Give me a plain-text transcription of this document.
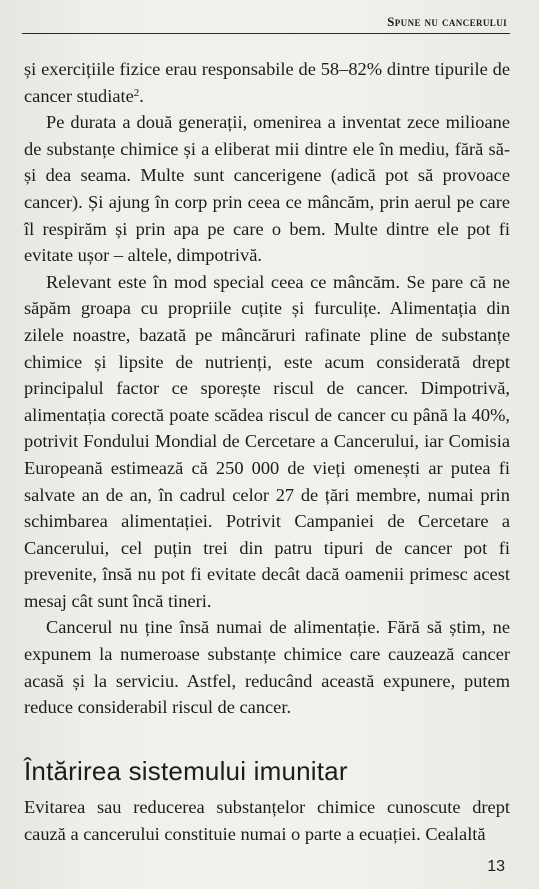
Spune nu cancerului

și exercițiile fizice erau responsabile de 58–82% dintre tipurile de cancer studiate$^2$.

Pe durata a două generații, omenirea a inventat zece milioane de substanțe chimice și a eliberat mii dintre ele în mediu, fără să-și dea seama. Multe sunt cancerigene (adică pot să provoace cancer). Și ajung în corp prin ceea ce mâncăm, prin aerul pe care îl respirăm și prin apa pe care o bem. Multe dintre ele pot fi evitate ușor – altele, dimpotrivă.

Relevant este în mod special ceea ce mâncăm. Se pare că ne săpăm groapa cu propriile cuțite și furculițe. Alimentația din zilele noastre, bazată pe mâncăruri rafinate pline de substanțe chimice și lipsite de nutrienți, este acum considerată drept principalul factor ce sporește riscul de cancer. Dimpotrivă, alimentația corectă poate scădea riscul de cancer cu până la 40%, potrivit Fondului Mondial de Cercetare a Cancerului, iar Comisia Europeană estimează că 250 000 de vieți omenești ar putea fi salvate an de an, în cadrul celor 27 de țări membre, numai prin schimbarea alimentației. Potrivit Campaniei de Cercetare a Cancerului, cel puțin trei din patru tipuri de cancer pot fi prevenite, însă nu pot fi evitate decât dacă oamenii primesc acest mesaj cât sunt încă tineri.

Cancerul nu ține însă numai de alimentație. Fără să știm, ne expunem la numeroase substanțe chimice care cauzează cancer acasă și la serviciu. Astfel, reducând această expunere, putem reduce considerabil riscul de cancer.

Întărirea sistemului imunitar

Evitarea sau reducerea substanțelor chimice cunoscute drept cauză a cancerului constituie numai o parte a ecuației. Cealaltă

13
